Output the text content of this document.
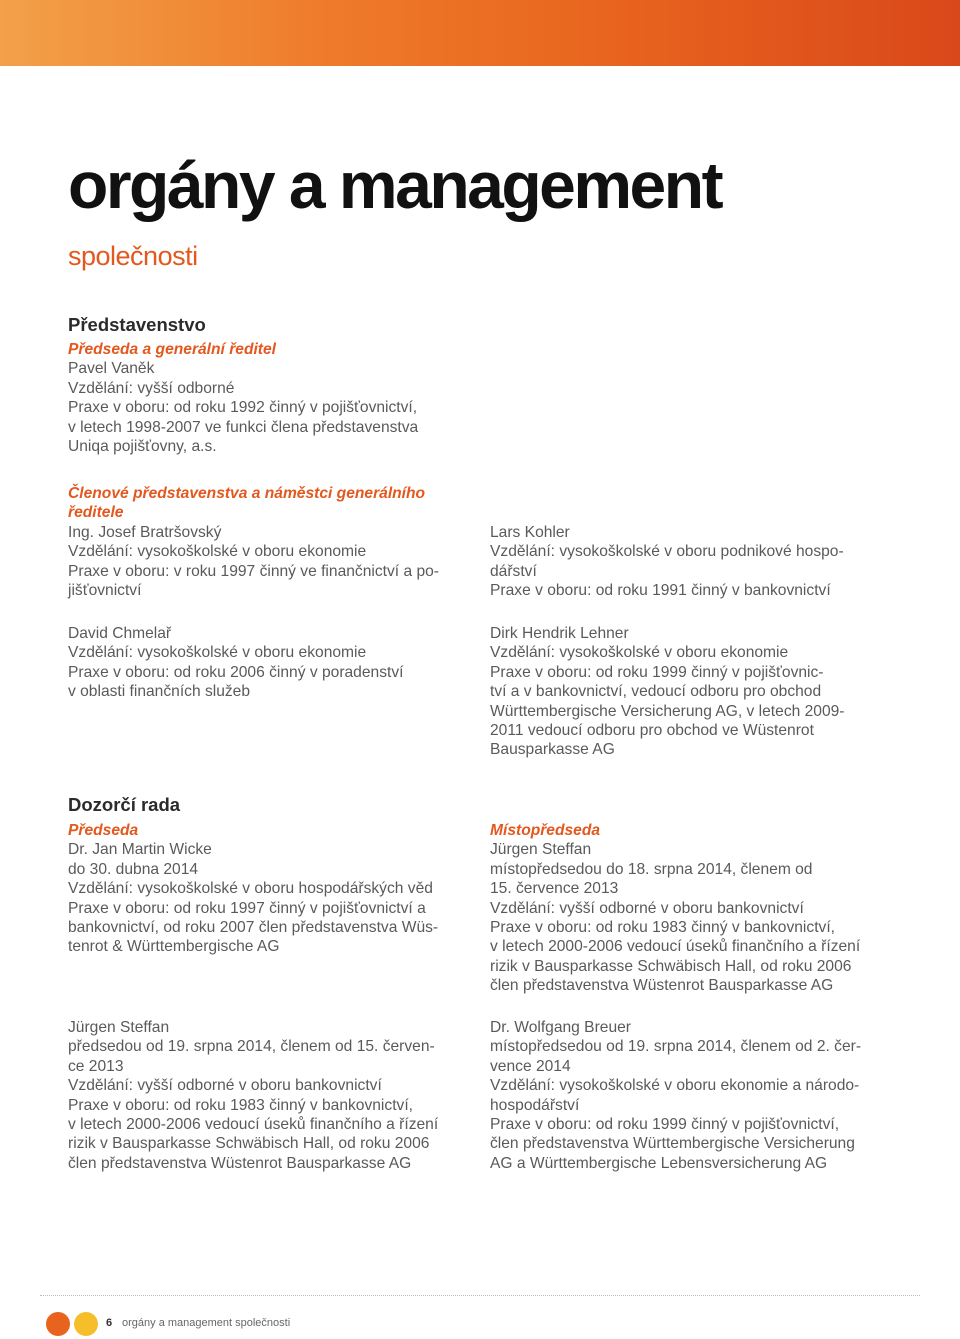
orgány a management
společnosti
Představenstvo

Předseda a generální ředitel

Pavel Vaněk

Vzdělání: vyšší odborné

Praxe v oboru: od roku 1992 činný v pojišťovnictví,

v letech 1998-2007 ve funkci člena představenstva

Uniqa pojišťovny, a.s.

Členové představenstva a náměstci generálního

ředitele

Ing. Josef Bratršovský

Vzdělání: vysokoškolské v oboru ekonomie

Praxe v oboru: v roku 1997 činný ve finančnictví a po-

jišťovnictví

David Chmelař

Vzdělání: vysokoškolské v oboru ekonomie

Praxe v oboru: od roku 2006 činný v poradenství

v oblasti finančních služeb

Lars Kohler

Vzdělání: vysokoškolské v oboru podnikové hospo-

dářství

Praxe v oboru: od roku 1991 činný v bankovnictví

Dirk Hendrik Lehner

Vzdělání: vysokoškolské v oboru ekonomie

Praxe v oboru: od roku 1999 činný v pojišťovnic-

tví a v bankovnictví, vedoucí odboru pro obchod

Württembergische Versicherung AG, v letech 2009-

2011 vedoucí odboru pro obchod ve Wüstenrot

Bausparkasse AG

Dozorčí rada

Předseda

Dr. Jan Martin Wicke

do 30. dubna 2014

Vzdělání: vysokoškolské v oboru hospodářských věd

Praxe v oboru: od roku 1997 činný v pojišťovnictví a

bankovnictví, od roku 2007 člen představenstva Wüs-

tenrot & Württembergische AG

Jürgen Steffan

předsedou od 19. srpna 2014, členem od 15. červen-

ce 2013

Vzdělání: vyšší odborné v oboru bankovnictví

Praxe v oboru: od roku 1983 činný v bankovnictví,

v letech 2000-2006 vedoucí úseků finančního a řízení

rizik v Bausparkasse Schwäbisch Hall, od roku 2006

člen představenstva Wüstenrot Bausparkasse AG

Místopředseda

Jürgen Steffan

místopředsedou do 18. srpna 2014, členem od

15. července 2013

Vzdělání: vyšší odborné v oboru bankovnictví

Praxe v oboru: od roku 1983 činný v bankovnictví,

v letech 2000-2006 vedoucí úseků finančního a řízení

rizik v Bausparkasse Schwäbisch Hall, od roku 2006

člen představenstva Wüstenrot Bausparkasse AG

Dr. Wolfgang Breuer

místopředsedou od 19. srpna 2014, členem od 2. čer-

vence 2014

Vzdělání: vysokoškolské v oboru ekonomie a národo-

hospodářství

Praxe v oboru: od roku 1999 činný v pojišťovnictví,

člen představenstva Württembergische Versicherung

AG a Württembergische Lebensversicherung AG

6 orgány a management společnosti
